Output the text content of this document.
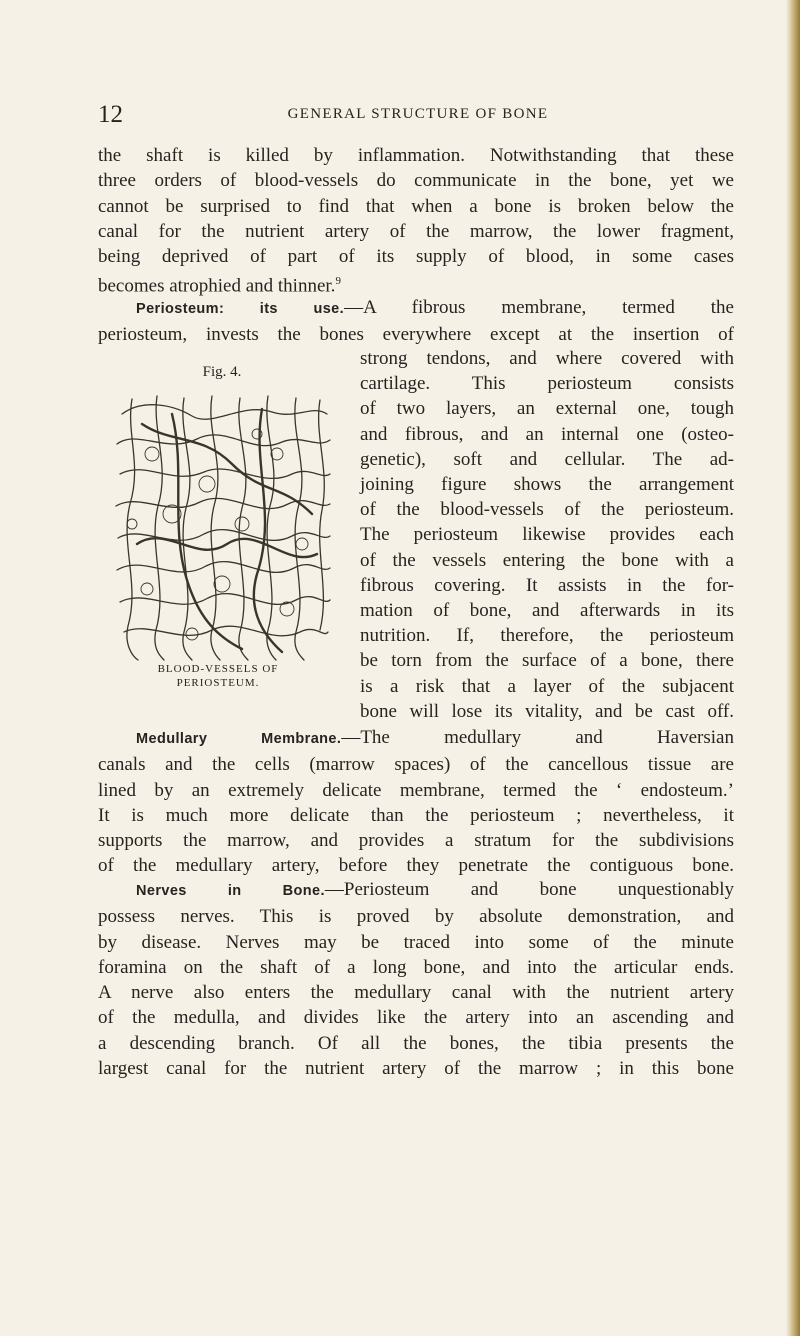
12	GENERAL STRUCTURE OF BONE
the shaft is killed by inflammation. Notwithstanding that these
three orders of blood-vessels do communicate in the bone, yet we
cannot be surprised to find that when a bone is broken below the
canal for the nutrient artery of the marrow, the lower fragment,
being deprived of part of its supply of blood, in some cases
becomes atrophied and thinner.$^9$
Periosteum: its use.—A fibrous membrane, termed the
periosteum, invests the bones everywhere except at the insertion of
strong tendons, and where covered with
cartilage. This periosteum consists
of two layers, an external one, tough
and fibrous, and an internal one (osteo-
genetic), soft and cellular. The ad-
joining figure shows the arrangement
of the blood-vessels of the periosteum.
The periosteum likewise provides each
of the vessels entering the bone with a
fibrous covering. It assists in the for-
mation of bone, and afterwards in its
nutrition. If, therefore, the periosteum
be torn from the surface of a bone, there
is a risk that a layer of the subjacent
bone will lose its vitality, and be cast off.
Fig. 4.
BLOOD-VESSELS OF
PERIOSTEUM.
Medullary Membrane.—The medullary and Haversian
canals and the cells (marrow spaces) of the cancellous tissue are
lined by an extremely delicate membrane, termed the ‘ endosteum.’
It is much more delicate than the periosteum ; nevertheless, it
supports the marrow, and provides a stratum for the subdivisions
of the medullary artery, before they penetrate the contiguous bone.
Nerves in Bone.—Periosteum and bone unquestionably
possess nerves. This is proved by absolute demonstration, and
by disease. Nerves may be traced into some of the minute
foramina on the shaft of a long bone, and into the articular ends.
A nerve also enters the medullary canal with the nutrient artery
of the medulla, and divides like the artery into an ascending and
a descending branch. Of all the bones, the tibia presents the
largest canal for the nutrient artery of the marrow ; in this bone
